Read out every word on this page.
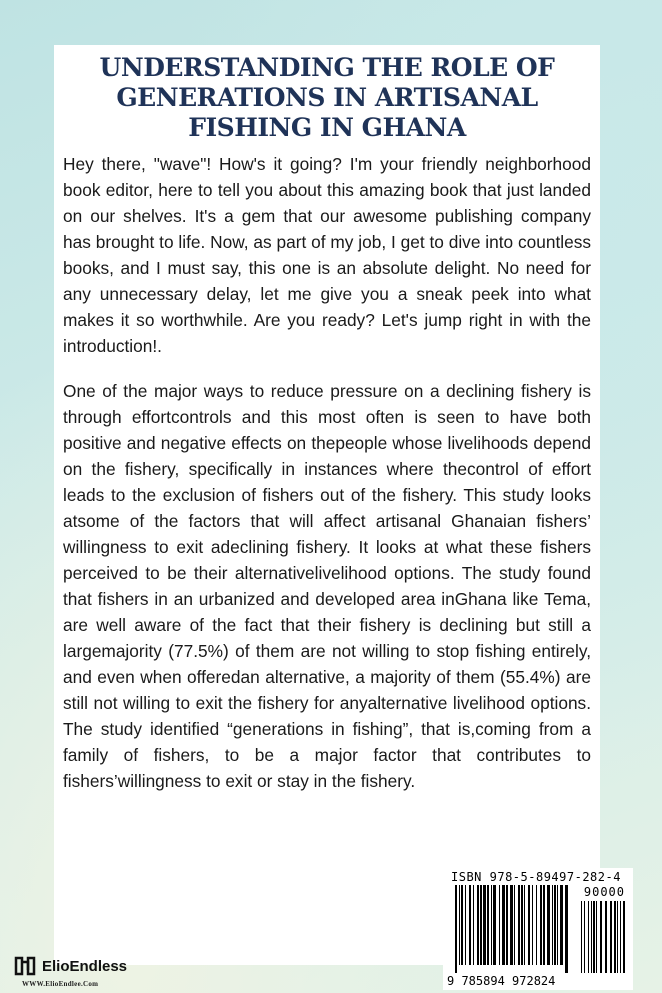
UNDERSTANDING THE ROLE OF GENERATIONS IN ARTISANAL FISHING IN GHANA

Hey there, "wave"! How's it going? I'm your friendly neighborhood book editor, here to tell you about this amazing book that just landed on our shelves. It's a gem that our awesome publishing company has brought to life. Now, as part of my job, I get to dive into countless books, and I must say, this one is an absolute delight. No need for any unnecessary delay, let me give you a sneak peek into what makes it so worthwhile. Are you ready? Let's jump right in with the introduction!.

One of the major ways to reduce pressure on a declining fishery is through effortcontrols and this most often is seen to have both positive and negative effects on thepeople whose livelihoods depend on the fishery, specifically in instances where thecontrol of effort leads to the exclusion of fishers out of the fishery. This study looks atsome of the factors that will affect artisanal Ghanaian fishers’ willingness to exit adeclining fishery. It looks at what these fishers perceived to be their alternativelivelihood options. The study found that fishers in an urbanized and developed area inGhana like Tema, are well aware of the fact that their fishery is declining but still a largemajority (77.5%) of them are not willing to stop fishing entirely, and even when offeredan alternative, a majority of them (55.4%) are still not willing to exit the fishery for anyalternative livelihood options. The study identified “generations in fishing”, that is,coming from a family of fishers, to be a major factor that contributes to fishers’willingness to exit or stay in the fishery.

ISBN 978-5-89497-282-4
90000
9 785894 972824
ElioEndless
WWW.ElioEndlee.Com
